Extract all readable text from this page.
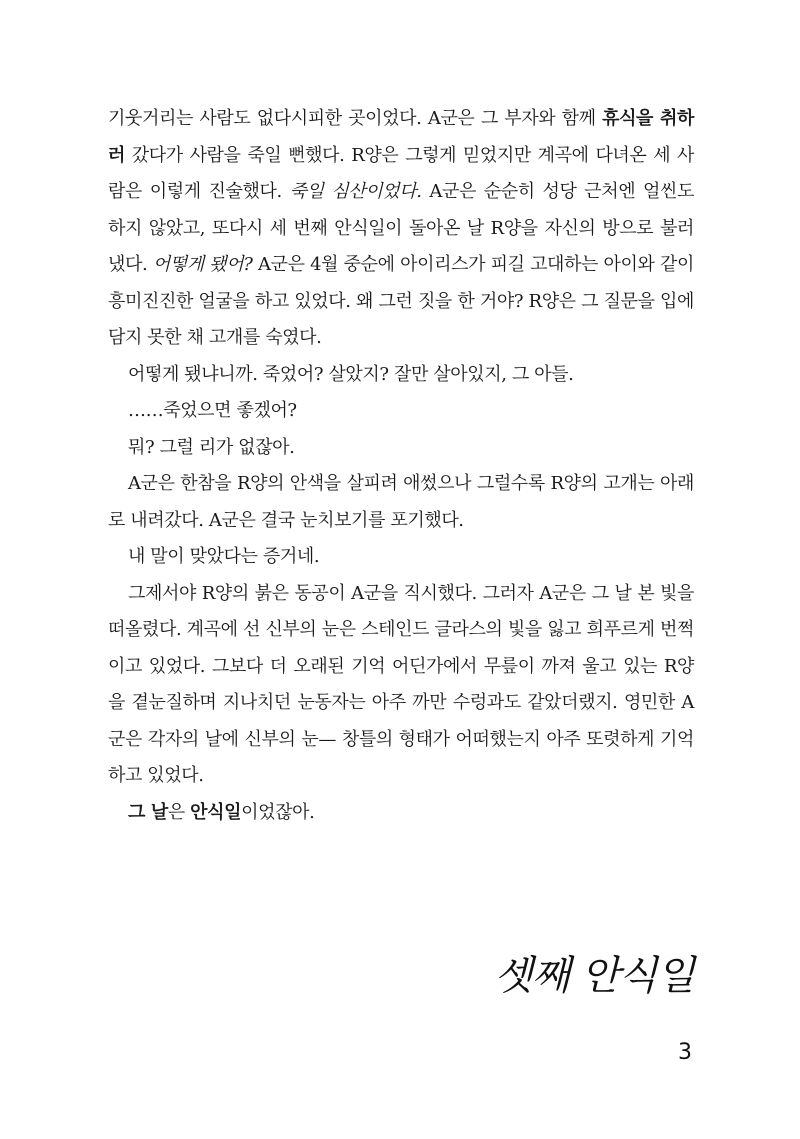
기웃거리는 사람도 없다시피한 곳이었다. A군은 그 부자와 함께 휴식을 취하러 갔다가 사람을 죽일 뻔했다. R양은 그렇게 믿었지만 계곡에 다녀온 세 사람은 이렇게 진술했다. 죽일 심산이었다. A군은 순순히 성당 근처엔 얼씬도 하지 않았고, 또다시 세 번째 안식일이 돌아온 날 R양을 자신의 방으로 불러냈다. 어떻게 됐어? A군은 4월 중순에 아이리스가 피길 고대하는 아이와 같이 흥미진진한 얼굴을 하고 있었다. 왜 그런 짓을 한 거야? R양은 그 질문을 입에 담지 못한 채 고개를 숙였다.

어떻게 됐냐니까. 죽었어? 살았지? 잘만 살아있지, 그 아들.

……죽었으면 좋겠어?

뭐? 그럴 리가 없잖아.

A군은 한참을 R양의 안색을 살피려 애썼으나 그럴수록 R양의 고개는 아래로 내려갔다. A군은 결국 눈치보기를 포기했다.

내 말이 맞았다는 증거네.

그제서야 R양의 붉은 동공이 A군을 직시했다. 그러자 A군은 그 날 본 빛을 떠올렸다. 계곡에 선 신부의 눈은 스테인드 글라스의 빛을 잃고 희푸르게 번쩍이고 있었다. 그보다 더 오래된 기억 어딘가에서 무릎이 까져 울고 있는 R양을 곁눈질하며 지나치던 눈동자는 아주 까만 수렁과도 같았더랬지. 영민한 A군은 각자의 날에 신부의 눈— 창틀의 형태가 어떠했는지 아주 또렷하게 기억하고 있었다.

그 날은 안식일이었잖아.

셋째 안식일
3
